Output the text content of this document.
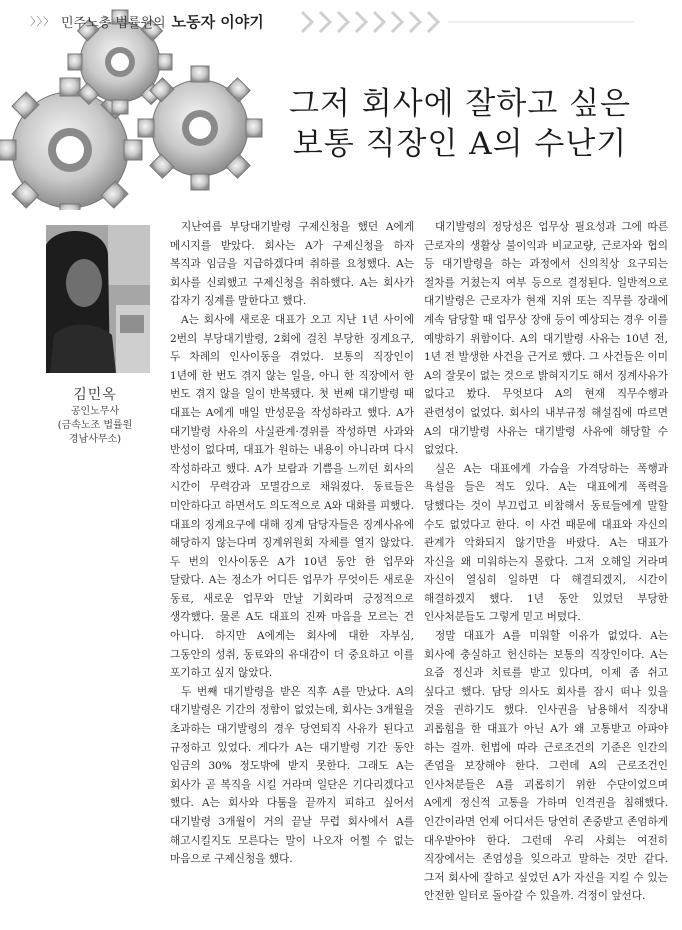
〉〉〉 민주노총 법률원의 노동자 이야기
그저 회사에 잘하고 싶은
보통 직장인 A의 수난기
김민옥
공인노무사
(금속노조 법률원
경남사무소)

지난여름 부당대기발령 구제신청을 했던 A에게 메시지를 받았다. 회사는 A가 구제신청을 하자 복직과 임금을 지급하겠다며 취하를 요청했다. A는 회사를 신뢰했고 구제신청을 취하했다. A는 회사가 갑자기 징계를 말한다고 했다.

A는 회사에 새로운 대표가 오고 지난 1년 사이에 2번의 부당대기발령, 2회에 걸친 부당한 징계요구, 두 차례의 인사이동을 겪었다. 보통의 직장인이 1년에 한 번도 겪지 않는 일을, 아니 한 직장에서 한 번도 겪지 않을 일이 반복됐다. 첫 번째 대기발령 때 대표는 A에게 매일 반성문을 작성하라고 했다. A가 대기발령 사유의 사실관계·경위를 작성하면 사과와 반성이 없다며, 대표가 원하는 내용이 아니라며 다시 작성하라고 했다. A가 보람과 기쁨을 느끼던 회사의 시간이 무력감과 모멸감으로 채워졌다. 동료들은 미안하다고 하면서도 의도적으로 A와 대화를 피했다. 대표의 징계요구에 대해 징계 담당자들은 징계사유에 해당하지 않는다며 징계위원회 자체를 열지 않았다. 두 번의 인사이동은 A가 10년 동안 한 업무와 달랐다. A는 정소가 어디든 업무가 무엇이든 새로운 동료, 새로운 업무와 만날 기회라며 긍정적으로 생각했다. 물론 A도 대표의 진짜 마음을 모르는 건 아니다. 하지만 A에게는 회사에 대한 자부심, 그동안의 성취, 동료와의 유대감이 더 중요하고 이를 포기하고 싶지 않았다.

두 번째 대기발령을 받은 직후 A를 만났다. A의 대기발령은 기간의 정함이 없었는데, 회사는 3개월을 초과하는 대기발령의 경우 당연퇴직 사유가 된다고 규정하고 있었다. 게다가 A는 대기발령 기간 동안 임금의 30% 정도밖에 받지 못한다. 그래도 A는 회사가 곧 복직을 시킬 거라며 일단은 기다리겠다고 했다. A는 회사와 다툼을 끝까지 피하고 싶어서 대기발령 3개월이 거의 끝날 무렵 회사에서 A를 해고시킬지도 모른다는 말이 나오자 어쩔 수 없는 마음으로 구제신청을 했다.

대기발령의 정당성은 업무상 필요성과 그에 따른 근로자의 생활상 불이익과 비교교량, 근로자와 협의 등 대기발령을 하는 과정에서 신의칙상 요구되는 절차를 거쳤는지 여부 등으로 결정된다. 일반적으로 대기발령은 근로자가 현재 지위 또는 직무를 장래에 계속 담당할 때 업무상 장애 등이 예상되는 경우 이를 예방하기 위함이다. A의 대기발령 사유는 10년 전, 1년 전 발생한 사건을 근거로 했다. 그 사건들은 이미 A의 잘못이 없는 것으로 밝혀지기도 해서 징계사유가 없다고 봤다. 무엇보다 A의 현재 직무수행과 관련성이 없었다. 회사의 내부규정 해설집에 따르면 A의 대기발령 사유는 대기발령 사유에 해당할 수 없었다.

실은 A는 대표에게 가슴을 가격당하는 폭행과 욕설을 들은 적도 있다. A는 대표에게 폭력을 당했다는 것이 부끄럽고 비참해서 동료들에게 말할 수도 없었다고 한다. 이 사건 때문에 대표와 자신의 관계가 악화되지 않기만을 바랐다. A는 대표가 자신을 왜 미워하는지 몰랐다. 그저 오해일 거라며 자신이 열심히 일하면 다 해결되겠지, 시간이 해결하겠지 했다. 1년 동안 있었던 부당한 인사처분들도 그렇게 믿고 버텼다.

정말 대표가 A를 미워할 이유가 없었다. A는 회사에 충실하고 헌신하는 보통의 직장인이다. A는 요즘 정신과 치료를 받고 있다며, 이제 좀 쉬고 싶다고 했다. 담당 의사도 회사를 잠시 떠나 있을 것을 권하기도 했다. 인사권을 남용해서 직장내 괴롭힘을 한 대표가 아닌 A가 왜 고통받고 아파야 하는 걸까. 헌법에 따라 근로조건의 기준은 인간의 존엄을 보장해야 한다. 그런데 A의 근로조건인 인사처분들은 A를 괴롭히기 위한 수단이었으며 A에게 정신적 고통을 가하며 인격권을 침해했다. 인간이라면 언제 어디서든 당연히 존중받고 존엄하게 대우받아야 한다. 그런데 우리 사회는 여전히 직장에서는 존엄성을 잊으라고 말하는 것만 같다. 그저 회사에 잘하고 싶었던 A가 자신을 지킬 수 있는 안전한 일터로 돌아갈 수 있을까. 걱정이 앞선다.
